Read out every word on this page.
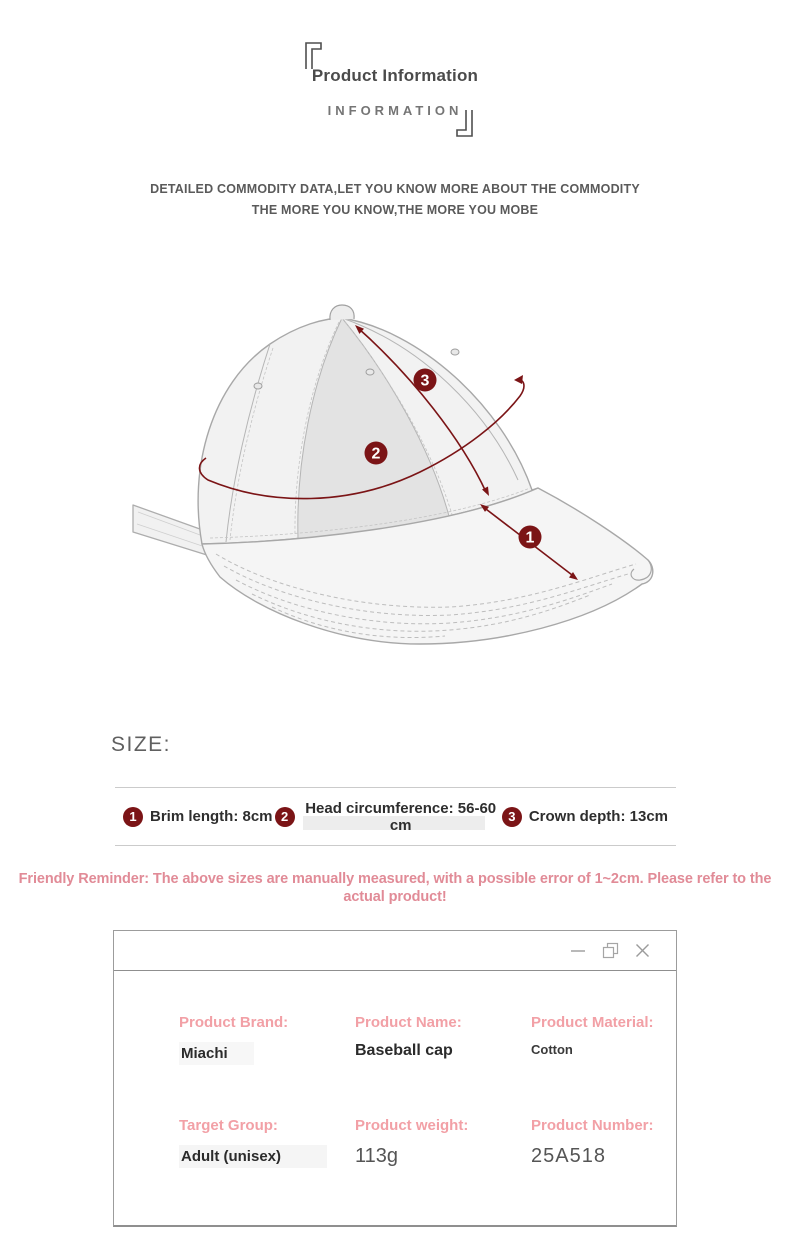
Product Information
INFORMATION
DETAILED COMMODITY DATA,LET YOU KNOW MORE ABOUT THE COMMODITY
THE MORE YOU KNOW,THE MORE YOU MOBE
1
2
3
SIZE:
1 Brim length: 8cm 2	Head circumference: 56-60 cm	3 Crown depth: 13cm
Friendly Reminder: The above sizes are manually measured, with a possible error of 1~2cm. Please refer to the actual product!
Product Brand:
Miachi
Product Name:
Baseball cap
Product Material:
Cotton
Target Group:
Adult (unisex)
Product weight:
113g
Product Number:
25A518
